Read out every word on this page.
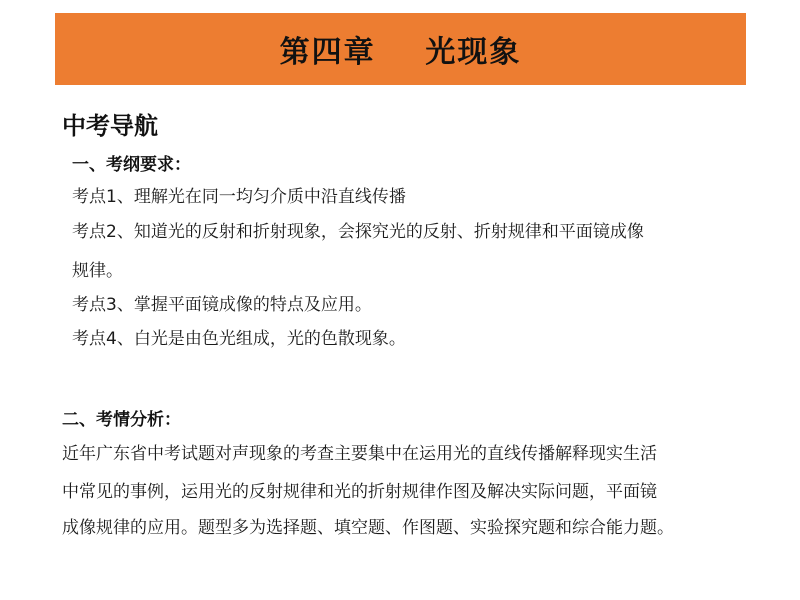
第四章    光现象
中考导航
一、考纲要求：
考点1、理解光在同一均匀介质中沿直线传播
考点2、知道光的反射和折射现象，会探究光的反射、折射规律和平面镜成像
规律。
考点3、掌握平面镜成像的特点及应用。
考点4、白光是由色光组成，光的色散现象。
二、考情分析：
近年广东省中考试题对声现象的考查主要集中在运用光的直线传播解释现实生活
中常见的事例，运用光的反射规律和光的折射规律作图及解决实际问题，平面镜
成像规律的应用。题型多为选择题、填空题、作图题、实验探究题和综合能力题。
